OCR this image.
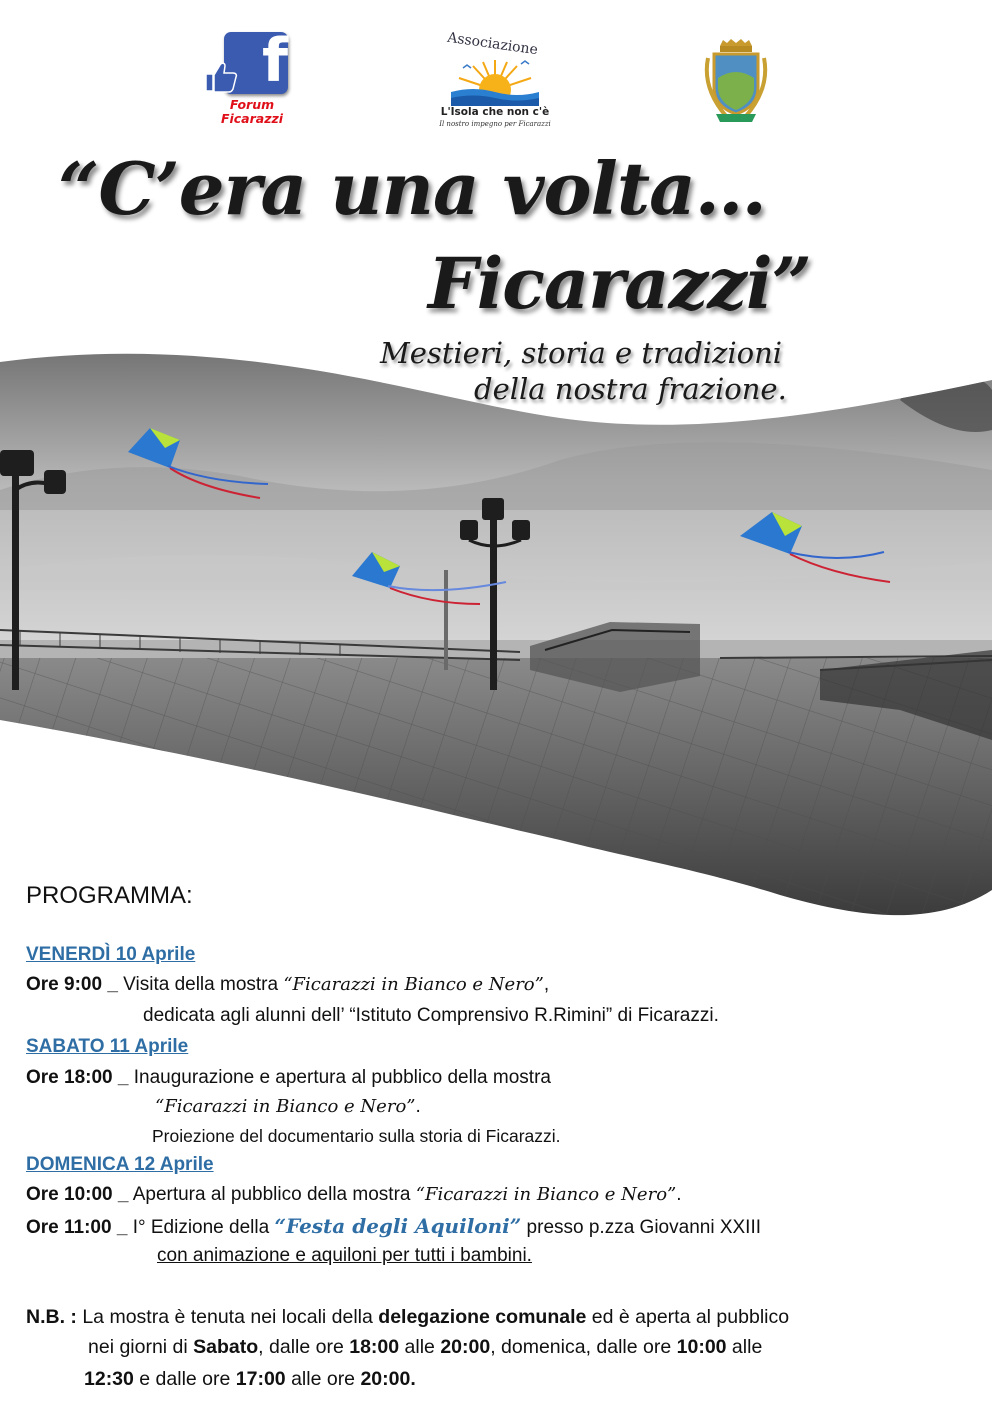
f
Forum
Ficarazzi
Associazione
L'Isola che non c'è
Il nostro impegno per Ficarazzi
“C’era una volta…
Ficarazzi”
Mestieri, storia e tradizioni
della nostra frazione.
PROGRAMMA:
VENERDÌ 10 Aprile
Ore 9:00 _ Visita della mostra “Ficarazzi in Bianco e Nero”,
dedicata agli alunni dell’ “Istituto Comprensivo R.Rimini” di Ficarazzi.
SABATO 11 Aprile
Ore 18:00 _ Inaugurazione e apertura al pubblico della mostra
“Ficarazzi in Bianco e Nero”.
Proiezione del documentario sulla storia di Ficarazzi.
DOMENICA 12 Aprile
Ore 10:00 _ Apertura al pubblico della mostra “Ficarazzi in Bianco e Nero”.
Ore 11:00 _ I° Edizione della “Festa degli Aquiloni” presso p.zza Giovanni XXIII
con animazione e aquiloni per tutti i bambini.
N.B. : La mostra è tenuta nei locali della delegazione comunale ed è aperta al pubblico
nei giorni di Sabato, dalle ore 18:00 alle 20:00, domenica, dalle ore 10:00 alle
12:30 e dalle ore 17:00 alle ore 20:00.
